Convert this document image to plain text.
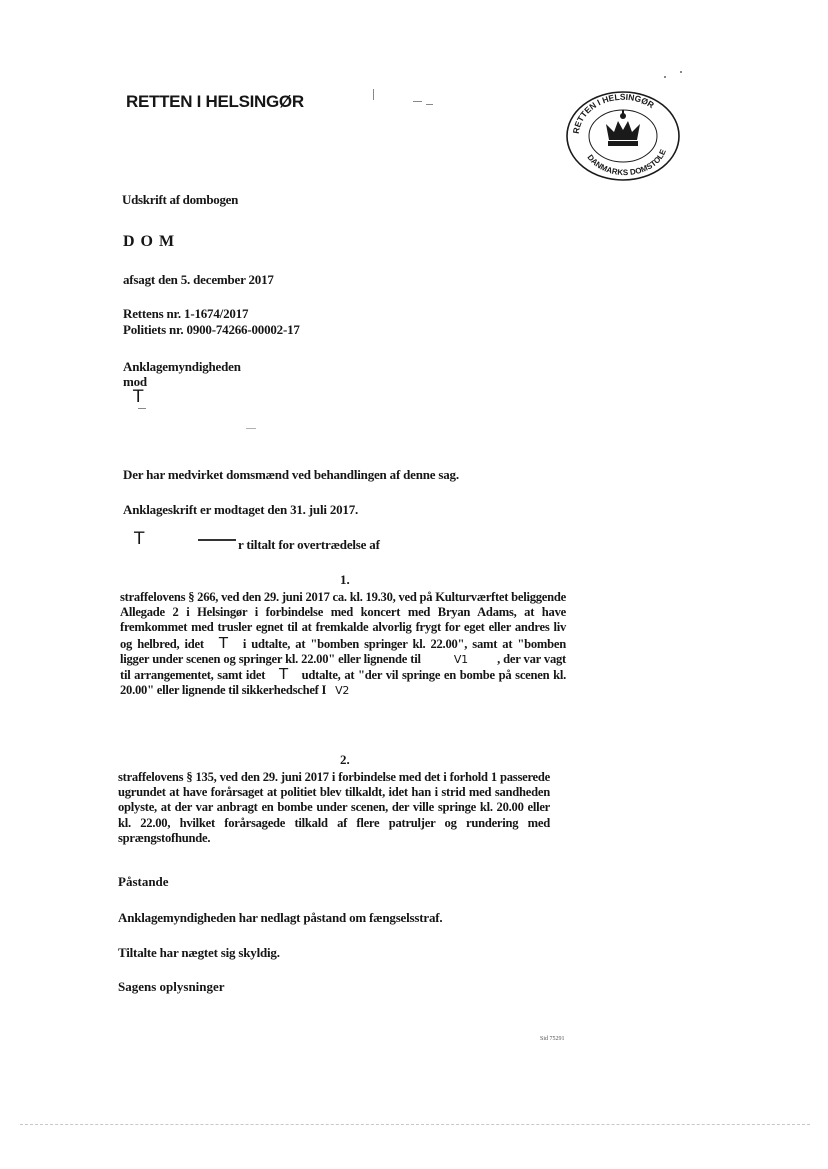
RETTEN I HELSINGØR
RETTEN I HELSINGØR
DANMARKS DOMSTOLE
Udskrift af dombogen
D O M
afsagt den 5. december 2017
Rettens nr. 1-1674/2017
Politiets nr. 0900-74266-00002-17
Anklagemyndigheden
mod
T
Der har medvirket domsmænd ved behandlingen af denne sag.
Anklageskrift er modtaget den 31. juli 2017.
T	r tiltalt for overtrædelse af
1.
straffelovens § 266, ved den 29. juni 2017 ca. kl. 19.30, ved på Kulturværftet beliggende Allegade 2 i Helsingør i forbindelse med koncert med Bryan Adams, at have fremkommet med trusler egnet til at fremkalde alvorlig frygt for eget eller andres liv og helbred, idet T i udtalte, at "bomben springer kl. 22.00", samt at "bomben ligger under scenen og springer kl. 22.00" eller lignende til	V1 , der var vagt til arrangementet, samt idet T udtalte, at "der vil springe en bombe på scenen kl. 20.00" eller lignende til sikkerhedschef I V2
2.
straffelovens § 135, ved den 29. juni 2017 i forbindelse med det i forhold 1 passerede ugrundet at have forårsaget at politiet blev tilkaldt, idet han i strid med sandheden oplyste, at der var anbragt en bombe under scenen, der ville springe kl. 20.00 eller kl. 22.00, hvilket forårsagede tilkald af flere patruljer og rundering med sprængstofhunde.
Påstande
Anklagemyndigheden har nedlagt påstand om fængselsstraf.
Tiltalte har nægtet sig skyldig.
Sagens oplysninger
Sid 75291
